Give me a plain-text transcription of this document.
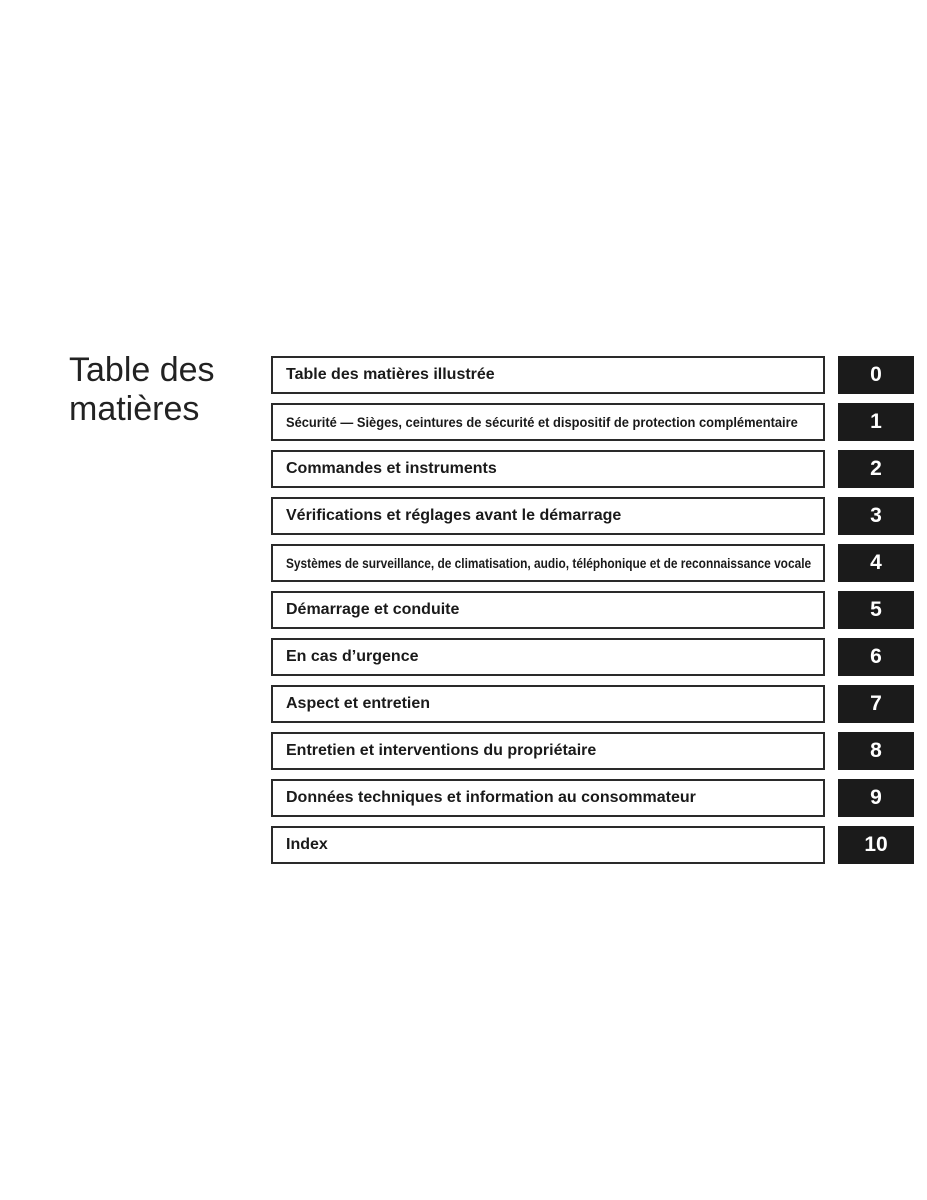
Table des
matières
Table des matières illustrée	0
Sécurité — Sièges, ceintures de sécurité et dispositif de protection complémentaire	1
Commandes et instruments	2
Vérifications et réglages avant le démarrage	3
Systèmes de surveillance, de climatisation, audio, téléphonique et de reconnaissance vocale	4
Démarrage et conduite	5
En cas d’urgence	6
Aspect et entretien	7
Entretien et interventions du propriétaire	8
Données techniques et information au consommateur	9
Index	10
